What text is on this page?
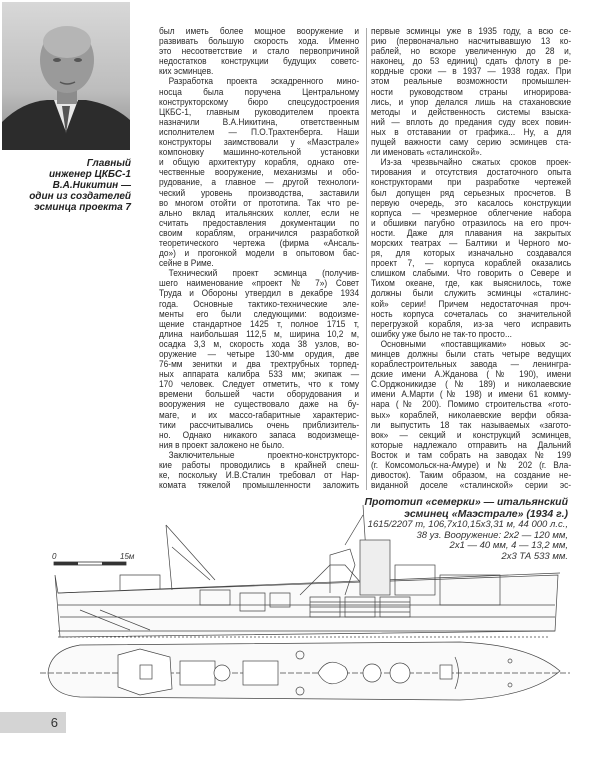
Главный
инженер ЦКБС-1
В.А.Никитин —
один из создателей
эсминца проекта 7
был иметь более мощное вооружение и
развивать большую скорость хода. Именно
это несоответствие и стало первопричиной
недостатков конструкции будущих советс-
ких эсминцев.
Разработка проекта эскадренного мино-
носца была поручена Центральному
конструкторскому бюро спецсудостроения
ЦКБС-1, главным руководителем проекта
назначили В.А.Никитина, ответственным
исполнителем — П.О.Трахтенберга. Наши
конструкторы заимствовали у «Маэстрале»
компоновку машинно-котельной установки
и общую архитектуру корабля, однако оте-
чественные вооружение, механизмы и обо-
рудование, а главное — другой технологи-
ческий уровень производства, заставили
во многом отойти от прототипа. Так что ре-
ально вклад итальянских коллег, если не
считать предоставления документации по
своим кораблям, ограничился разработкой
теоретического чертежа (фирма «Ансаль-
до») и прогонкой модели в опытовом бас-
сейне в Риме.
Технический проект эсминца (получив-
шего наименование «проект № 7») Совет
Труда и Обороны утвердил в декабре 1934
года. Основные тактико-технические эле-
менты его были следующими: водоизме-
щение стандартное 1425 т, полное 1715 т,
длина наибольшая 112,5 м, ширина 10,2 м,
осадка 3,3 м, скорость хода 38 узлов, во-
оружение — четыре 130-мм орудия, две
76-мм зенитки и два трехтрубных торпед-
ных аппарата калибра 533 мм; экипаж —
170 человек. Следует отметить, что к тому
времени большей части оборудования и
вооружения не существовало даже на бу-
маге, и их массо-габаритные характерис-
тики рассчитывались очень приблизитель-
но. Однако никакого запаса водоизмеще-
ния в проект заложено не было.
Заключительные проектно-конструкторс-
кие работы проводились в крайней спеш-
ке, поскольку И.В.Сталин требовал от Нар-
комата тяжелой промышленности заложить
первые эсминцы уже в 1935 году, а всю се-
рию (первоначально насчитывавшую 13 ко-
раблей, но вскоре увеличенную до 28 и,
наконец, до 53 единиц) сдать флоту в ре-
кордные сроки — в 1937 — 1938 годах. При
этом реальные возможности промышлен-
ности руководством страны игнорирова-
лись, и упор делался лишь на стахановские
методы и действенность системы взыска-
ний — вплоть до предания суду всех повин-
ных в отставании от графика... Ну, а для
пущей важности саму серию эсминцев ста-
ли именовать «сталинской».
Из-за чрезвычайно сжатых сроков проек-
тирования и отсутствия достаточного опыта
конструкторами при разработке чертежей
был допущен ряд серьезных просчетов. В
первую очередь, это касалось конструкции
корпуса — чрезмерное облегчение набора
и обшивки пагубно отразилось на его проч-
ности. Даже для плавания на закрытых
морских театрах — Балтики и Черного мо-
ря, для которых изначально создавался
проект 7, — корпуса кораблей оказались
слишком слабыми. Что говорить о Севере и
Тихом океане, где, как выяснилось, тоже
должны были служить эсминцы «сталинс-
кой» серии! Причем недостаточная проч-
ность корпуса сочеталась со значительной
перегрузкой корабля, из-за чего исправить
ошибку уже было не так-то просто...
Основными «поставщиками» новых эс-
минцев должны были стать четыре ведущих
кораблестроительных завода — ленингра-
дские имени А.Жданова (№ 190), имени
С.Орджоникидзе (№ 189) и николаевские
имени А.Марти (№ 198) и имени 61 комму-
нара (№ 200). Помимо строительства «гото-
вых» кораблей, николаевские верфи обяза-
ли выпустить 18 так называемых «загото-
вок» — секций и конструкций эсминцев,
которые надлежало отправить на Дальний
Восток и там собрать на заводах № 199
(г. Комсомольск-на-Амуре) и № 202 (г. Вла-
дивосток). Таким образом, на создание не-
виданной доселе «сталинской» серии эс-
Прототип «семерки» — итальянский
эсминец «Маэстрале» (1934 г.)
1615/2207 т, 106,7х10,15х3,31 м, 44 000 л.с.,
38 уз. Вооружение: 2х2 — 120 мм,
2х1 — 40 мм, 4 — 13,2 мм,
2х3 ТА 533 мм.
0	15м
6
